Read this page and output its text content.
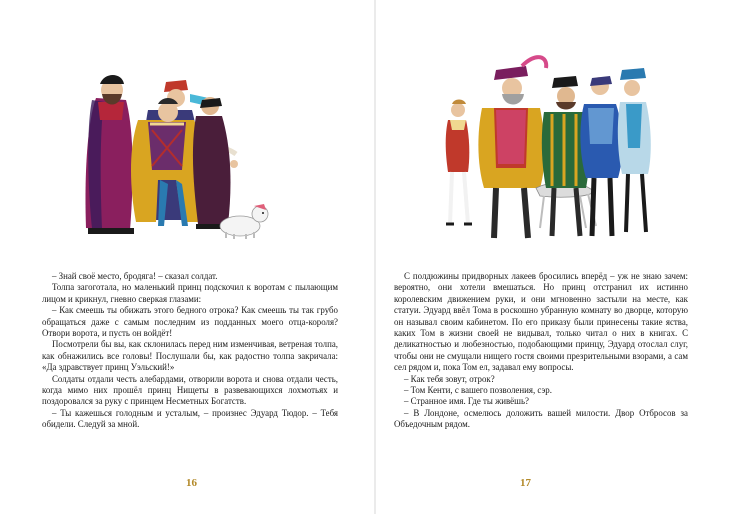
– Знай своё место, бродяга! – сказал солдат.

Толпа загоготала, но маленький принц подскочил к воротам с пылающим лицом и крикнул, гневно сверкая глазами:

– Как смеешь ты обижать этого бедного отрока? Как смеешь ты так грубо обращаться даже с самым последним из подданных моего отца-короля? Отвори ворота, и пусть он войдёт!

Посмотрели бы вы, как склонилась перед ним изменчивая, ветреная толпа, как обнажились все головы! Послушали бы, как радостно толпа закричала: «Да здравствует принц Уэльский!»

Солдаты отдали честь алебардами, отворили ворота и снова отдали честь, когда мимо них прошёл принц Нищеты в развевающихся лохмотьях и поздоровался за руку с принцем Несметных Богатств.

– Ты кажешься голодным и усталым, – произнес Эдуард Тюдор. – Тебя обидели. Следуй за мной.

16

С полдюжины придворных лакеев бросились вперёд – уж не знаю зачем: вероятно, они хотели вмешаться. Но принц отстранил их истинно королевским движением руки, и они мгновенно застыли на месте, как статуи. Эдуард ввёл Тома в роскошно убранную комнату во дворце, которую он называл своим кабинетом. По его приказу были принесены такие яства, каких Том в жизни своей не видывал, только читал о них в книгах. С деликатностью и любезностью, подобающими принцу, Эдуард отослал слуг, чтобы они не смущали нищего гостя своими презрительными взорами, а сам сел рядом и, пока Том ел, задавал ему вопросы.

– Как тебя зовут, отрок?

– Том Кенти, с вашего позволения, сэр.

– Странное имя. Где ты живёшь?

– В Лондоне, осмелюсь доложить вашей милости. Двор Отбросов за Объедочным рядом.

17
